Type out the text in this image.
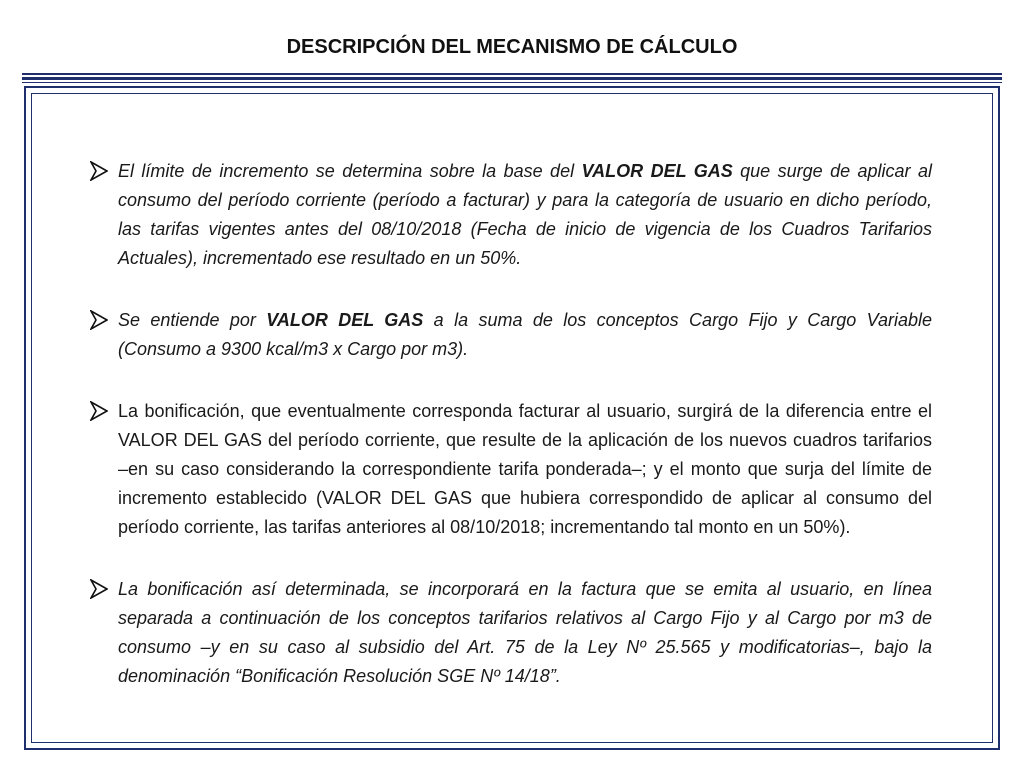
DESCRIPCIÓN DEL MECANISMO DE CÁLCULO
El límite de incremento se determina sobre la base del VALOR DEL GAS que surge de aplicar al consumo del período corriente (período a facturar) y para la categoría de usuario en dicho período, las tarifas vigentes antes del 08/10/2018 (Fecha de inicio de vigencia de los Cuadros Tarifarios Actuales), incrementado ese resultado en un 50%.
Se entiende por VALOR DEL GAS a la suma de los conceptos Cargo Fijo y Cargo Variable (Consumo a 9300 kcal/m3 x Cargo por m3).
La bonificación, que eventualmente corresponda facturar al usuario, surgirá de la diferencia entre el VALOR DEL GAS del período corriente, que resulte de la aplicación de los nuevos cuadros tarifarios –en su caso considerando la correspondiente tarifa ponderada–; y el monto que surja del límite de incremento establecido (VALOR DEL GAS que hubiera correspondido de aplicar al consumo del período corriente, las tarifas anteriores al 08/10/2018; incrementando tal monto en un 50%).
La bonificación así determinada, se incorporará en la factura que se emita al usuario, en línea separada a continuación de los conceptos tarifarios relativos al Cargo Fijo y al Cargo por m3 de consumo –y en su caso al subsidio del Art. 75 de la Ley Nº 25.565 y modificatorias–, bajo la denominación “Bonificación Resolución SGE Nº 14/18”.
